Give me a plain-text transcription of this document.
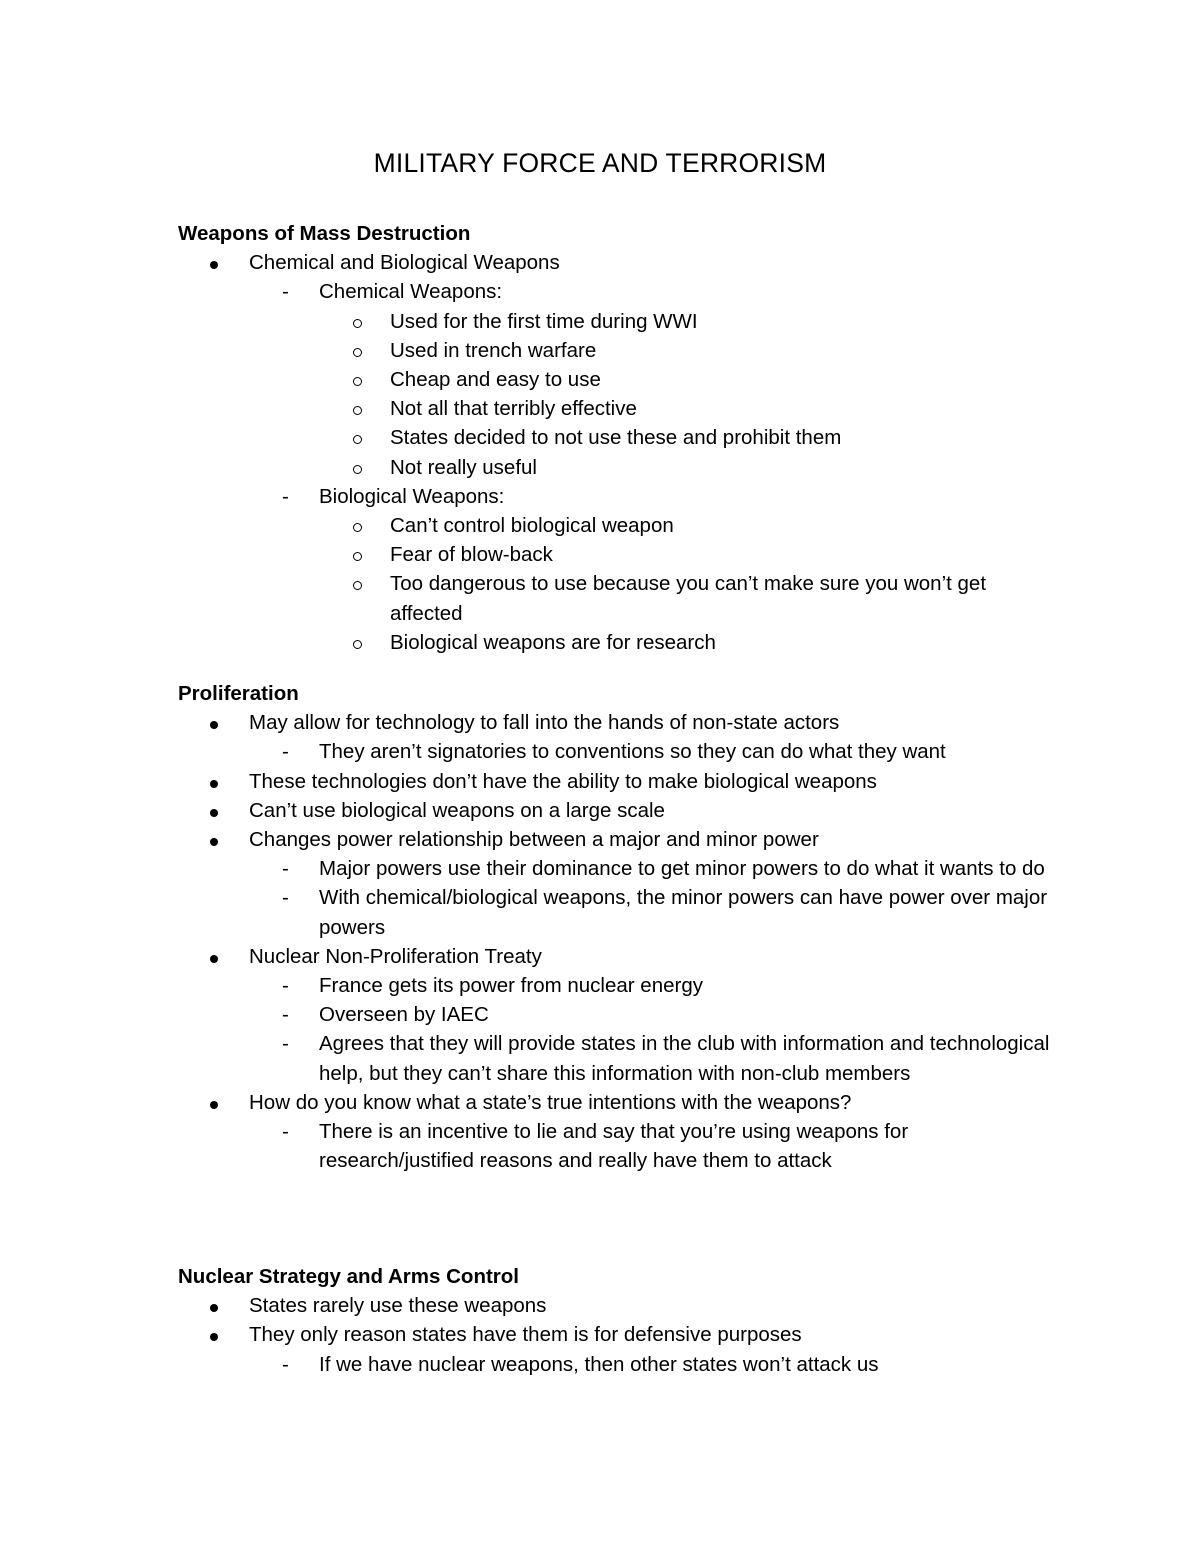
MILITARY FORCE AND TERRORISM
Weapons of Mass Destruction
Chemical and Biological Weapons
- Chemical Weapons:
Used for the first time during WWI
Used in trench warfare
Cheap and easy to use
Not all that terribly effective
States decided to not use these and prohibit them
Not really useful
- Biological Weapons:
Can’t control biological weapon
Fear of blow-back
Too dangerous to use because you can’t make sure you won’t get affected
Biological weapons are for research
Proliferation
May allow for technology to fall into the hands of non-state actors
- They aren’t signatories to conventions so they can do what they want
These technologies don’t have the ability to make biological weapons
Can’t use biological weapons on a large scale
Changes power relationship between a major and minor power
- Major powers use their dominance to get minor powers to do what it wants to do
- With chemical/biological weapons, the minor powers can have power over major powers
Nuclear Non-Proliferation Treaty
- France gets its power from nuclear energy
- Overseen by IAEC
- Agrees that they will provide states in the club with information and technological help, but they can’t share this information with non-club members
How do you know what a state’s true intentions with the weapons?
- There is an incentive to lie and say that you’re using weapons for research/justified reasons and really have them to attack
Nuclear Strategy and Arms Control
States rarely use these weapons
They only reason states have them is for defensive purposes
- If we have nuclear weapons, then other states won’t attack us
